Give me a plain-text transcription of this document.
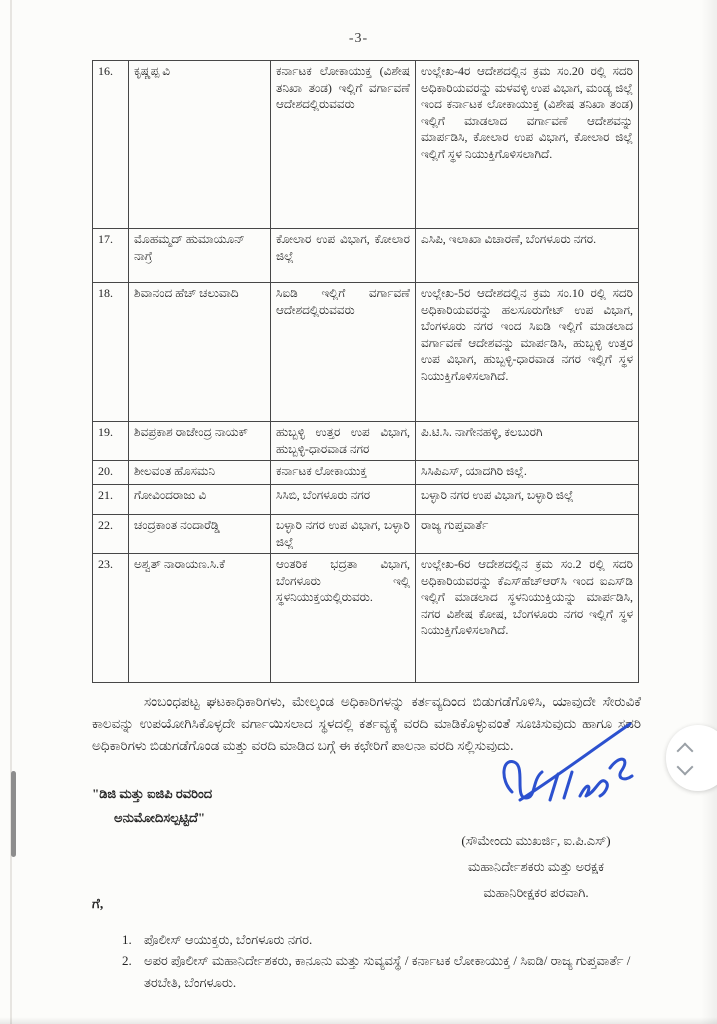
-3-
16.	ಕೃಷ್ಣಪ್ಪ ವಿ	ಕರ್ನಾಟಕ ಲೋಕಾಯುಕ್ತ (ವಿಶೇಷ ತನಿಖಾ ತಂಡ) ಇಲ್ಲಿಗೆ ವರ್ಗಾವಣೆ ಆದೇಶದಲ್ಲಿರುವವರು	ಉಲ್ಲೇಖ-4ರ ಆದೇಶದಲ್ಲಿನ ಕ್ರಮ ಸಂ.20 ರಲ್ಲಿ ಸದರಿ ಅಧಿಕಾರಿಯವರನ್ನು ಮಳವಳ್ಳಿ ಉಪ ವಿಭಾಗ, ಮಂಡ್ಯ ಜಿಲ್ಲೆ ಇಂದ ಕರ್ನಾಟಕ ಲೋಕಾಯುಕ್ತ (ವಿಶೇಷ ತನಿಖಾ ತಂಡ) ಇಲ್ಲಿಗೆ ಮಾಡಲಾದ ವರ್ಗಾವಣೆ ಆದೇಶವನ್ನು ಮಾರ್ಪಡಿಸಿ, ಕೋಲಾರ ಉಪ ವಿಭಾಗ, ಕೋಲಾರ ಜಿಲ್ಲೆ ಇಲ್ಲಿಗೆ ಸ್ಥಳ ನಿಯುಕ್ತಿಗೊಳಿಸಲಾಗಿದೆ.
17.	ಮೊಹಮ್ಮದ್ ಹುಮಾಯೂನ್ ನಾಗ್ರೆ	ಕೋಲಾರ ಉಪ ವಿಭಾಗ, ಕೋಲಾರ ಜಿಲ್ಲೆ	ಎಸಿಪಿ, ಇಲಾಖಾ ವಿಚಾರಣೆ, ಬೆಂಗಳೂರು ನಗರ.
18.	ಶಿವಾನಂದ ಹೆಚ್ ಚಲುವಾದಿ	ಸಿಐಡಿ ಇಲ್ಲಿಗೆ ವರ್ಗಾವಣೆ ಆದೇಶದಲ್ಲಿರುವವರು	ಉಲ್ಲೇಖ-5ರ ಆದೇಶದಲ್ಲಿನ ಕ್ರಮ ಸಂ.10 ರಲ್ಲಿ ಸದರಿ ಅಧಿಕಾರಿಯವರನ್ನು ಹಲಸೂರುಗೇಟ್ ಉಪ ವಿಭಾಗ, ಬೆಂಗಳೂರು ನಗರ ಇಂದ ಸಿಐಡಿ ಇಲ್ಲಿಗೆ ಮಾಡಲಾದ ವರ್ಗಾವಣೆ ಆದೇಶವನ್ನು ಮಾರ್ಪಡಿಸಿ, ಹುಬ್ಬಳ್ಳಿ ಉತ್ತರ ಉಪ ವಿಭಾಗ, ಹುಬ್ಬಳ್ಳಿ-ಧಾರವಾಡ ನಗರ ಇಲ್ಲಿಗೆ ಸ್ಥಳ ನಿಯುಕ್ತಿಗೊಳಿಸಲಾಗಿದೆ.
19.	ಶಿವಪ್ರಕಾಶ ರಾಜೇಂದ್ರ ನಾಯಕ್	ಹುಬ್ಬಳ್ಳಿ ಉತ್ತರ ಉಪ ವಿಭಾಗ, ಹುಬ್ಬಳ್ಳಿ-ಧಾರವಾಡ ನಗರ	ಪಿ.ಟಿ.ಸಿ. ನಾಗೇನಹಳ್ಳಿ, ಕಲಬುರಗಿ
20.	ಶೀಲವಂತ ಹೊಸಮನಿ	ಕರ್ನಾಟಕ ಲೋಕಾಯುಕ್ತ	ಸಿಸಿಪಿಎಸ್, ಯಾದಗಿರಿ ಜಿಲ್ಲೆ.
21.	ಗೋವಿಂದರಾಜು ವಿ	ಸಿಸಿಬಿ, ಬೆಂಗಳೂರು ನಗರ	ಬಳ್ಳಾರಿ ನಗರ ಉಪ ವಿಭಾಗ, ಬಳ್ಳಾರಿ ಜಿಲ್ಲೆ
22.	ಚಂದ್ರಕಾಂತ ನಂದಾರೆಡ್ಡಿ	ಬಳ್ಳಾರಿ ನಗರ ಉಪ ವಿಭಾಗ, ಬಳ್ಳಾರಿ ಜಿಲ್ಲೆ	ರಾಜ್ಯ ಗುಪ್ತವಾರ್ತೆ
23.	ಅಶ್ವತ್ ನಾರಾಯಣ.ಸಿ.ಕೆ	ಆಂತರಿಕ ಭದ್ರತಾ ವಿಭಾಗ, ಬೆಂಗಳೂರು ಇಲ್ಲಿ ಸ್ಥಳನಿಯುಕ್ತಯಲ್ಲಿರುವರು.	ಉಲ್ಲೇಖ-6ರ ಆದೇಶದಲ್ಲಿನ ಕ್ರಮ ಸಂ.2 ರಲ್ಲಿ ಸದರಿ ಅಧಿಕಾರಿಯವರನ್ನು ಕೆಎಸ್‌ಹೆಚ್‌ಆರ್‌ಸಿ ಇಂದ ಐಎಸ್‌ಡಿ ಇಲ್ಲಿಗೆ ಮಾಡಲಾದ ಸ್ಥಳನಿಯುಕ್ತಿಯನ್ನು ಮಾರ್ಪಡಿಸಿ, ನಗರ ವಿಶೇಷ ಕೋಷ, ಬೆಂಗಳೂರು ನಗರ ಇಲ್ಲಿಗೆ ಸ್ಥಳ ನಿಯುಕ್ತಿಗೊಳಿಸಲಾಗಿದೆ.
ಸಂಬಂಧಪಟ್ಟ ಘಟಕಾಧಿಕಾರಿಗಳು, ಮೇಲ್ಕಂಡ ಅಧಿಕಾರಿಗಳನ್ನು ಕರ್ತವ್ಯದಿಂದ ಬಿಡುಗಡೆಗೊಳಿಸಿ, ಯಾವುದೇ ಸೇರುವಿಕೆ ಕಾಲವನ್ನು ಉಪಯೋಗಿಸಿಕೊಳ್ಳದೇ ವರ್ಗಾಯಿಸಲಾದ ಸ್ಥಳದಲ್ಲಿ ಕರ್ತವ್ಯಕ್ಕೆ ವರದಿ ಮಾಡಿಕೊಳ್ಳುವಂತೆ ಸೂಚಿಸುವುದು ಹಾಗೂ ಸದರಿ ಅಧಿಕಾರಿಗಳು ಬಿಡುಗಡೆಗೊಂಡ ಮತ್ತು ವರದಿ ಮಾಡಿದ ಬಗ್ಗೆ ಈ ಕಛೇರಿಗೆ ಪಾಲನಾ ವರದಿ ಸಲ್ಲಿಸುವುದು.
"ಡಿಜಿ ಮತ್ತು ಐಜಿಪಿ ರವರಿಂದ
ಅನುಮೋದಿಸಲ್ಪಟ್ಟಿದೆ"
(ಸೌಮೇಂದು ಮುಖರ್ಜಿ, ಐ.ಪಿ.ಎಸ್)
ಮಹಾನಿರ್ದೇಶಕರು ಮತ್ತು ಅರಕ್ಷಕ
ಮಹಾನಿರೀಕ್ಷಕರ ಪರವಾಗಿ.
ಗೆ,
1. ಪೊಲೀಸ್ ಆಯುಕ್ತರು, ಬೆಂಗಳೂರು ನಗರ.
2. ಅಪರ ಪೊಲೀಸ್ ಮಹಾನಿರ್ದೇಶಕರು, ಕಾನೂನು ಮತ್ತು ಸುವ್ಯವಸ್ಥೆ / ಕರ್ನಾಟಕ ಲೋಕಾಯುಕ್ತ / ಸಿಐಡಿ/ ರಾಜ್ಯ ಗುಪ್ತವಾರ್ತೆ / ತರಬೇತಿ, ಬೆಂಗಳೂರು.
